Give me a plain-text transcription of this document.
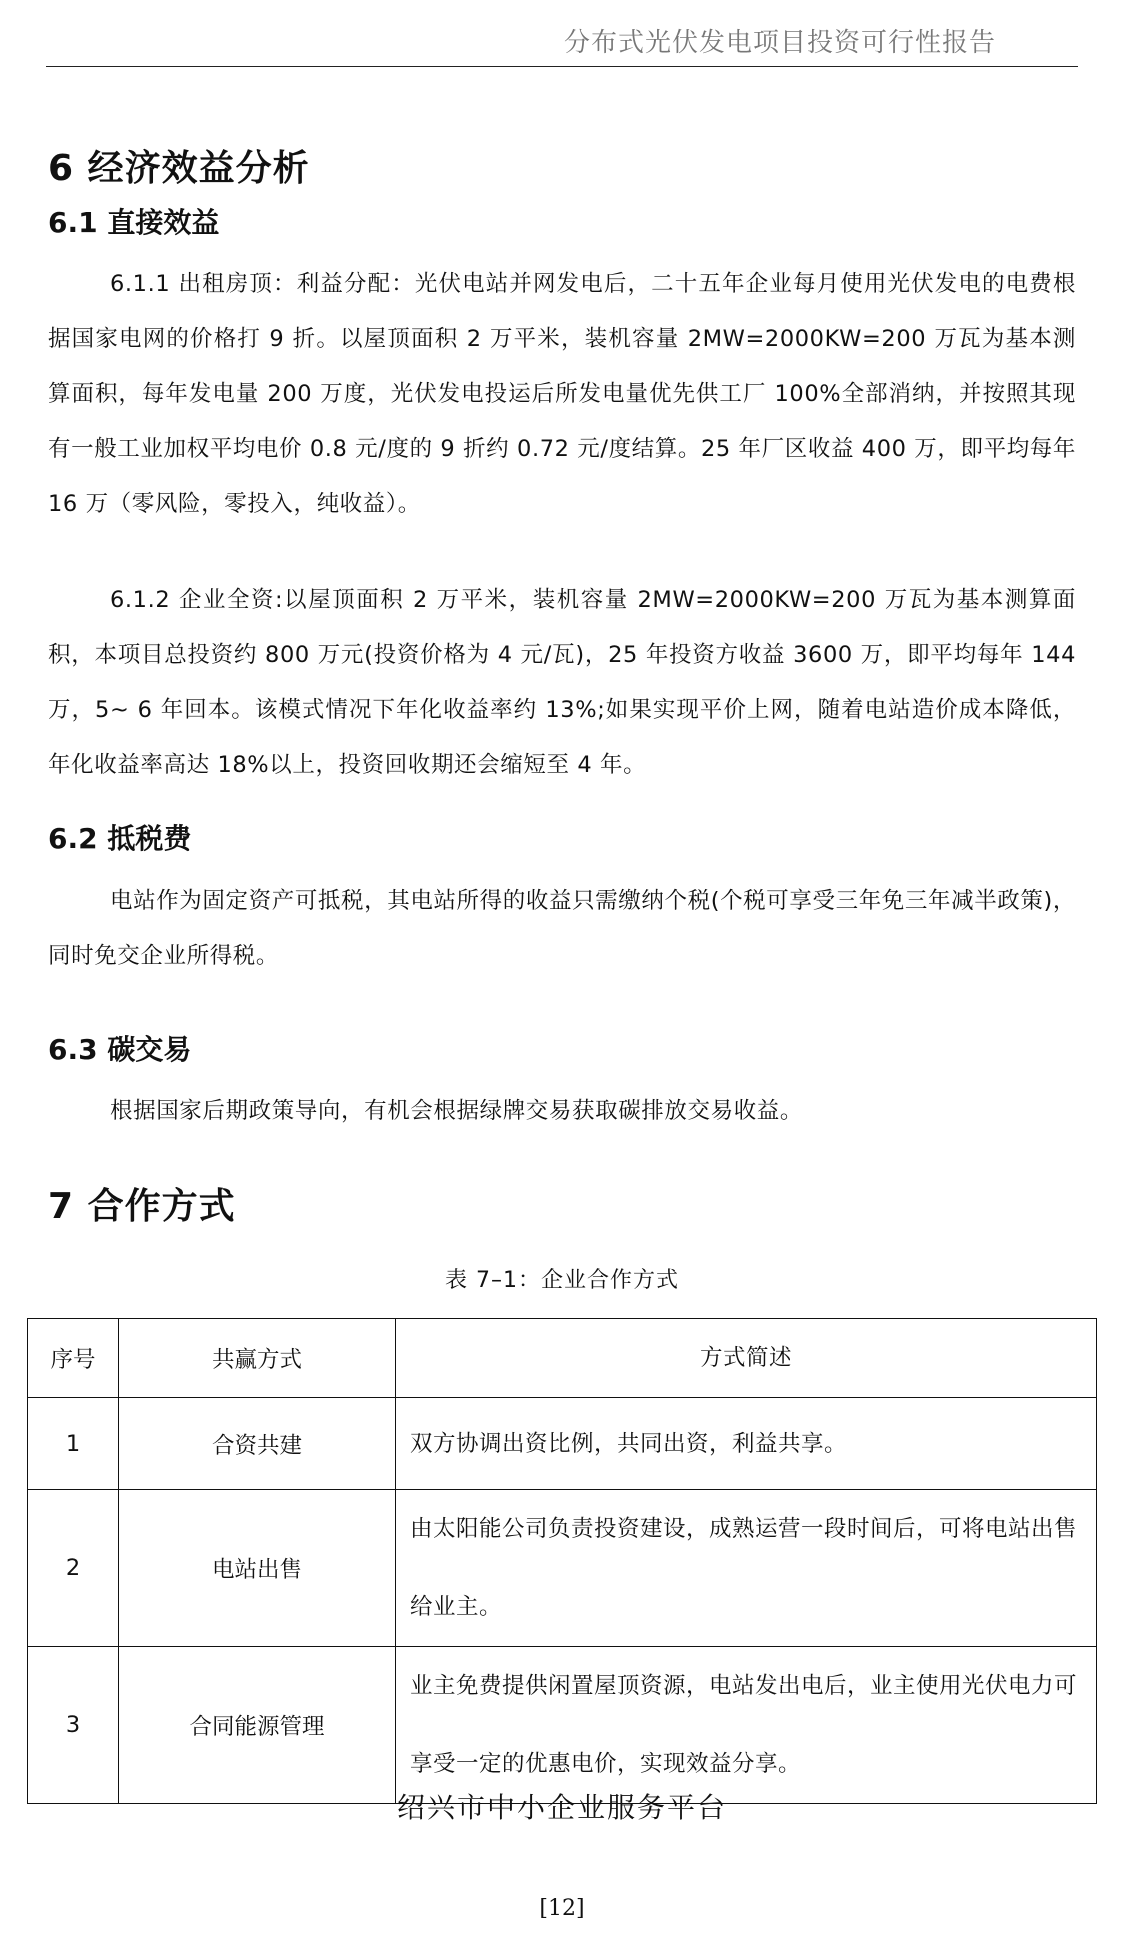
分布式光伏发电项目投资可行性报告
6 经济效益分析
6.1 直接效益
6.1.1 出租房顶：利益分配：光伏电站并网发电后，二十五年企业每月使用光伏发电的电费根据国家电网的价格打 9 折。以屋顶面积 2 万平米，装机容量 2MW=2000KW=200 万瓦为基本测算面积，每年发电量 200 万度，光伏发电投运后所发电量优先供工厂 100%全部消纳，并按照其现有一般工业加权平均电价 0.8 元/度的 9 折约 0.72 元/度结算。25 年厂区收益 400 万，即平均每年 16 万（零风险，零投入，纯收益）。
6.1.2 企业全资:以屋顶面积 2 万平米，装机容量 2MW=2000KW=200 万瓦为基本测算面积，本项目总投资约 800 万元(投资价格为 4 元/瓦)，25 年投资方收益 3600 万，即平均每年 144 万，5~ 6 年回本。该模式情况下年化收益率约 13%;如果实现平价上网，随着电站造价成本降低，年化收益率高达 18%以上，投资回收期还会缩短至 4 年。
6.2 抵税费
电站作为固定资产可抵税，其电站所得的收益只需缴纳个税(个税可享受三年免三年减半政策)， 同时免交企业所得税。
6.3 碳交易
根据国家后期政策导向，有机会根据绿牌交易获取碳排放交易收益。
7 合作方式
表 7–1：企业合作方式
序号	共赢方式	方式简述
1	合资共建	双方协调出资比例，共同出资，利益共享。
2	电站出售	由太阳能公司负责投资建设，成熟运营一段时间后，可将电站出售给业主。
3	合同能源管理	业主免费提供闲置屋顶资源，电站发出电后，业主使用光伏电力可享受一定的优惠电价，实现效益分享。
绍兴市中小企业服务平台
[12]
